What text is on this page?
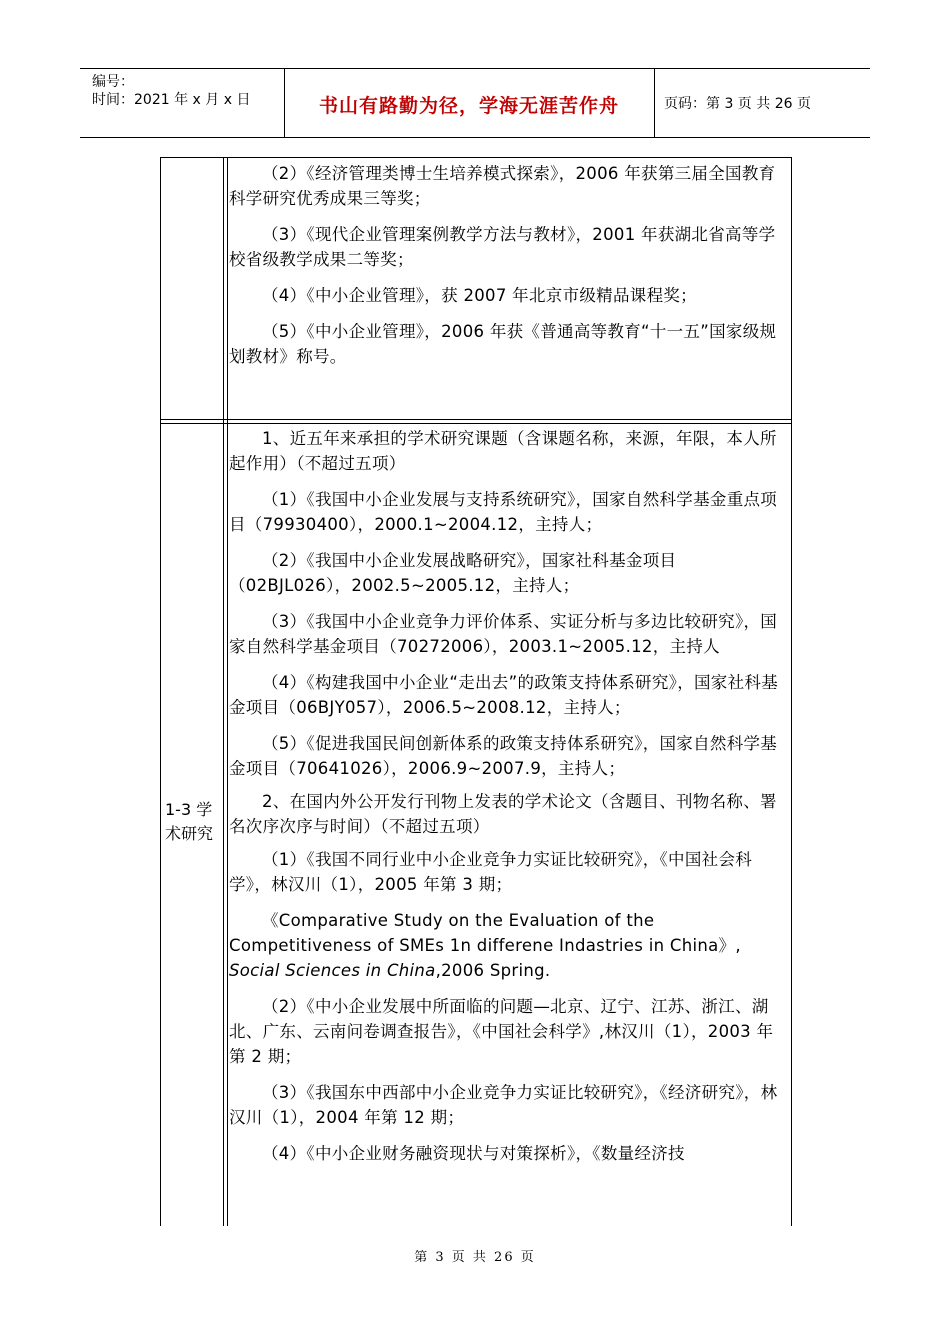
编号：
时间：2021 年 x 月 x 日	书山有路勤为径，学海无涯苦作舟	页码：第 3 页 共 26 页

（2）《经济管理类博士生培养模式探索》，2006 年获第三届全国教育科学研究优秀成果三等奖；

（3）《现代企业管理案例教学方法与教材》，2001 年获湖北省高等学校省级教学成果二等奖；

（4）《中小企业管理》，获 2007 年北京市级精品课程奖；

（5）《中小企业管理》，2006 年获《普通高等教育“十一五”国家级规划教材》称号。

1-3 学术研究

1、近五年来承担的学术研究课题（含课题名称，来源，年限，本人所起作用）（不超过五项）

（1）《我国中小企业发展与支持系统研究》，国家自然科学基金重点项目（79930400），2000.1~2004.12，主持人；

（2）《我国中小企业发展战略研究》，国家社科基金项目（02BJL026），2002.5~2005.12，主持人；

（3）《我国中小企业竞争力评价体系、实证分析与多边比较研究》，国家自然科学基金项目（70272006），2003.1~2005.12，主持人

（4）《构建我国中小企业“走出去”的政策支持体系研究》，国家社科基金项目（06BJY057），2006.5~2008.12，主持人；

（5）《促进我国民间创新体系的政策支持体系研究》，国家自然科学基金项目（70641026），2006.9~2007.9，主持人；

2、在国内外公开发行刊物上发表的学术论文（含题目、刊物名称、署名次序次序与时间）（不超过五项）

（1）《我国不同行业中小企业竞争力实证比较研究》，《中国社会科学》，林汉川（1），2005 年第 3 期；

《Comparative Study on the Evaluation of the Competitiveness of SMEs 1n differene Indastries in China》, Social Sciences in China,2006 Spring.

（2）《中小企业发展中所面临的问题—北京、辽宁、江苏、浙江、湖北、广东、云南问卷调查报告》，《中国社会科学》,林汉川（1），2003 年第 2 期；

（3）《我国东中西部中小企业竞争力实证比较研究》，《经济研究》，林汉川（1），2004 年第 12 期；

（4）《中小企业财务融资现状与对策探析》，《数量经济技

第 3 页 共 26 页
